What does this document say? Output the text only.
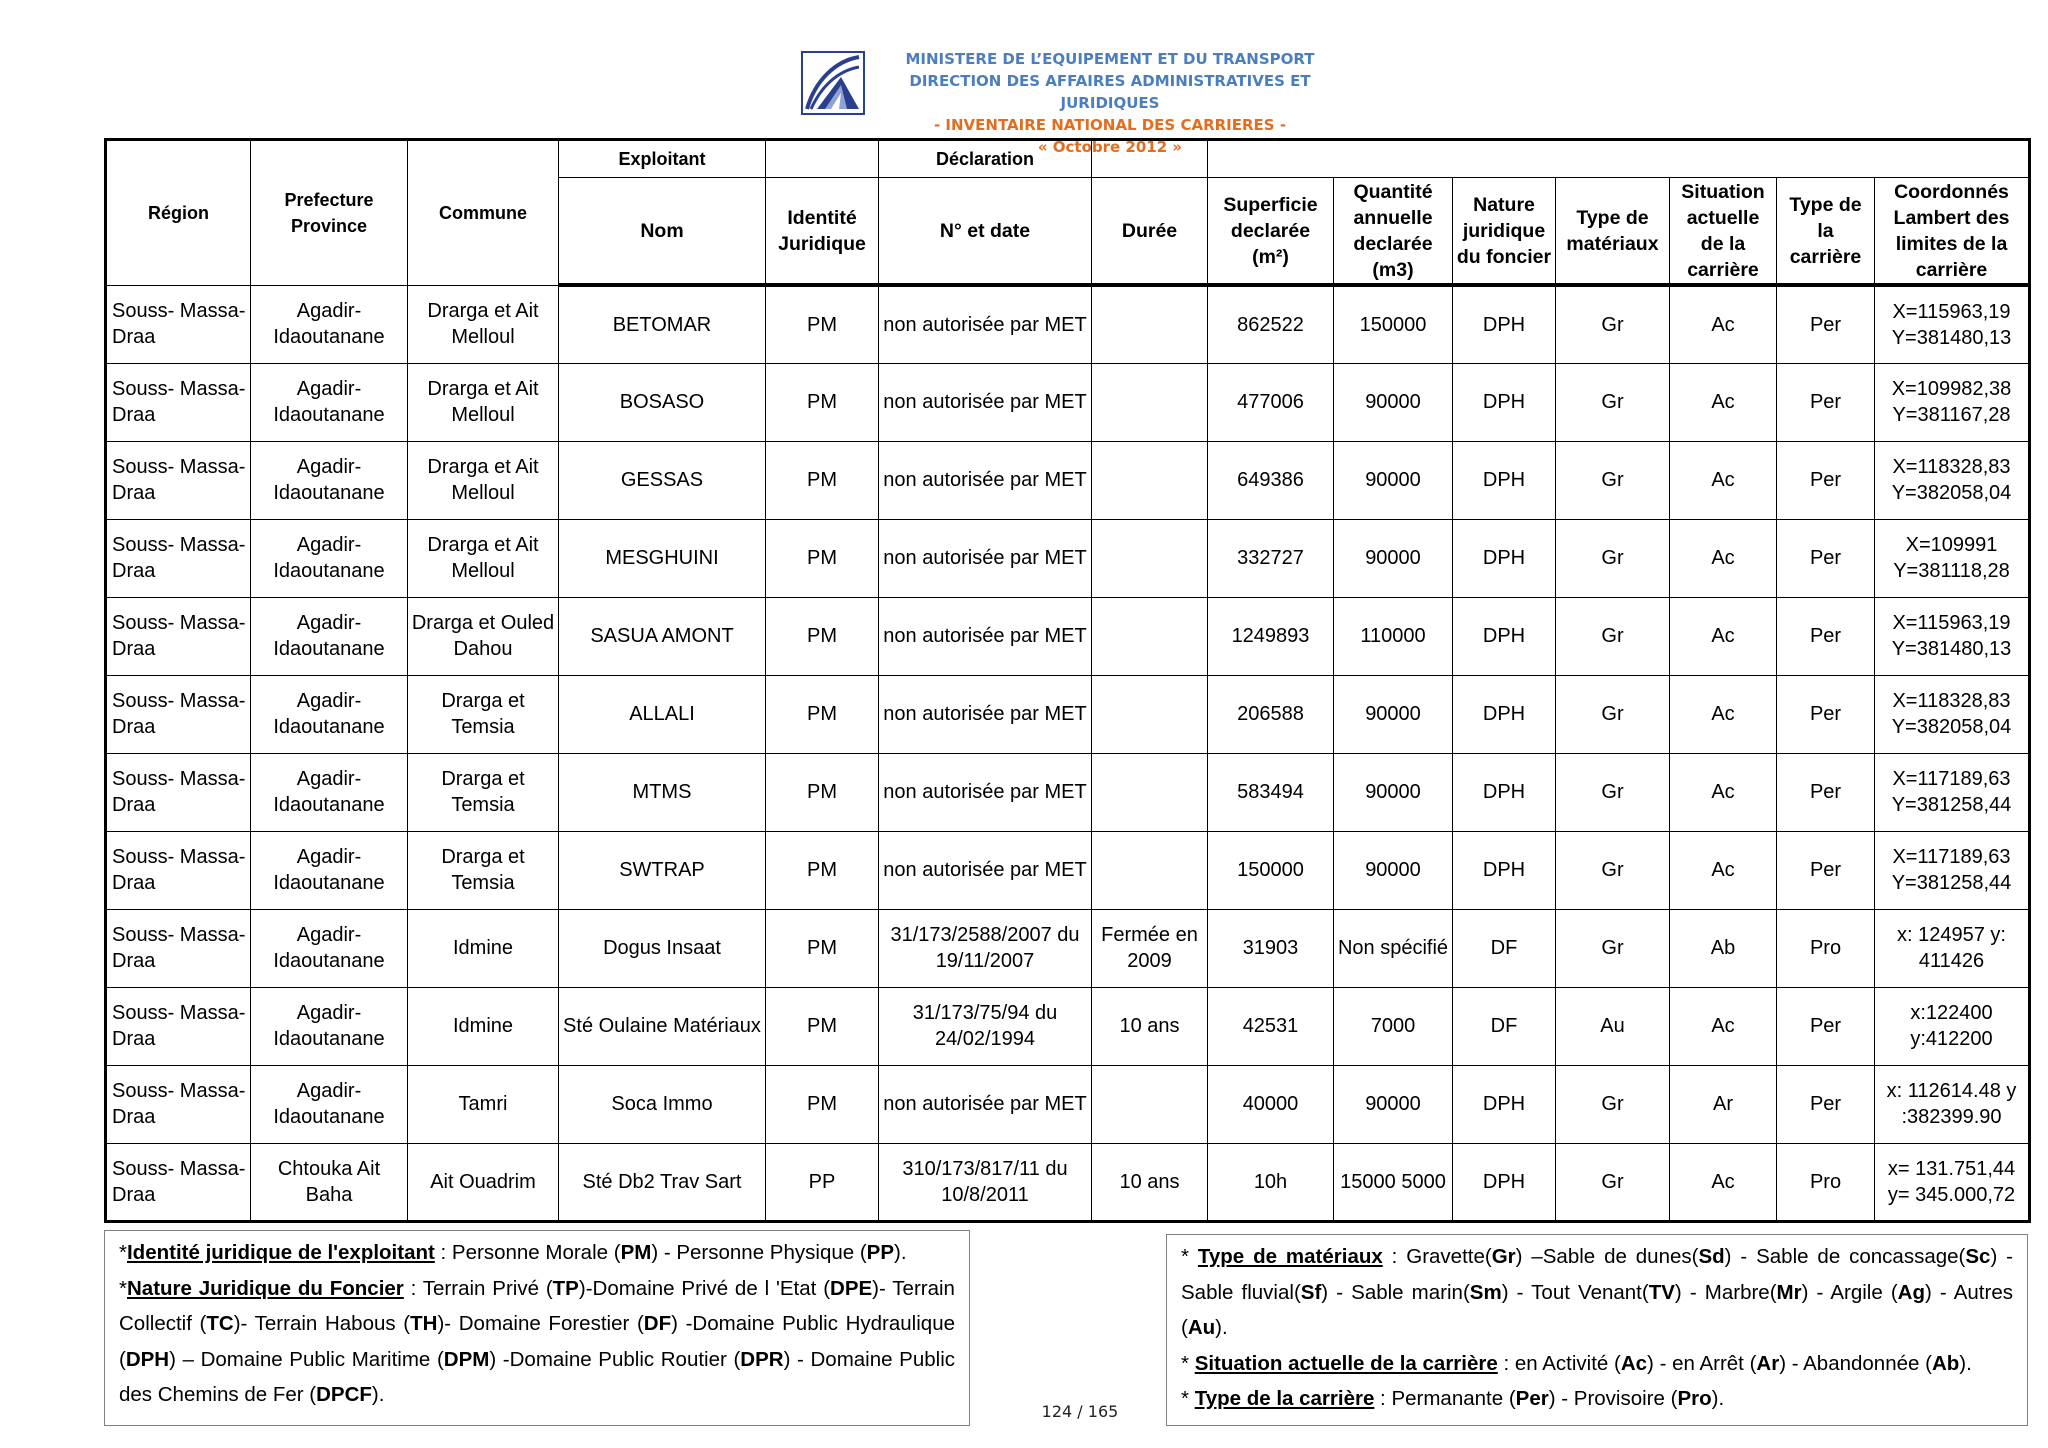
MINISTERE DE L’EQUIPEMENT ET DU TRANSPORT
DIRECTION DES AFFAIRES ADMINISTRATIVES ET JURIDIQUES
- INVENTAIRE NATIONAL DES CARRIERES -
« Octobre 2012 »
Région	Prefecture Province	Commune	Exploitant		Déclaration								
			Nom	Identité Juridique	N° et date	Durée	Superficie declarée (m²)	Quantité annuelle declarée (m3)	Nature juridique du foncier	Type de matériaux	Situation actuelle de la carrière	Type de la carrière	Coordonnés Lambert des limites de la carrière
Souss- Massa-Draa	Agadir-Idaoutanane	Drarga et Ait Melloul	BETOMAR	PM	non autorisée par MET		862522	150000	DPH	Gr	Ac	Per	X=115963,19 Y=381480,13
Souss- Massa-Draa	Agadir-Idaoutanane	Drarga et Ait Melloul	BOSASO	PM	non autorisée par MET		477006	90000	DPH	Gr	Ac	Per	X=109982,38 Y=381167,28
Souss- Massa-Draa	Agadir-Idaoutanane	Drarga et Ait Melloul	GESSAS	PM	non autorisée par MET		649386	90000	DPH	Gr	Ac	Per	X=118328,83 Y=382058,04
Souss- Massa-Draa	Agadir-Idaoutanane	Drarga et Ait Melloul	MESGHUINI	PM	non autorisée par MET		332727	90000	DPH	Gr	Ac	Per	X=109991 Y=381118,28
Souss- Massa-Draa	Agadir-Idaoutanane	Drarga et Ouled Dahou	SASUA AMONT	PM	non autorisée par MET		1249893	110000	DPH	Gr	Ac	Per	X=115963,19 Y=381480,13
Souss- Massa-Draa	Agadir-Idaoutanane	Drarga et Temsia	ALLALI	PM	non autorisée par MET		206588	90000	DPH	Gr	Ac	Per	X=118328,83 Y=382058,04
Souss- Massa-Draa	Agadir-Idaoutanane	Drarga et Temsia	MTMS	PM	non autorisée par MET		583494	90000	DPH	Gr	Ac	Per	X=117189,63 Y=381258,44
Souss- Massa-Draa	Agadir-Idaoutanane	Drarga et Temsia	SWTRAP	PM	non autorisée par MET		150000	90000	DPH	Gr	Ac	Per	X=117189,63 Y=381258,44
Souss- Massa-Draa	Agadir-Idaoutanane	Idmine	Dogus Insaat	PM	31/173/2588/2007 du 19/11/2007	Fermée en 2009	31903	Non spécifié	DF	Gr	Ab	Pro	x: 124957 y: 411426
Souss- Massa-Draa	Agadir-Idaoutanane	Idmine	Sté Oulaine Matériaux	PM	31/173/75/94 du 24/02/1994	10 ans	42531	7000	DF	Au	Ac	Per	x:122400 y:412200
Souss- Massa-Draa	Agadir-Idaoutanane	Tamri	Soca Immo	PM	non autorisée par MET		40000	90000	DPH	Gr	Ar	Per	x: 112614.48 y :382399.90
Souss- Massa-Draa	Chtouka Ait Baha	Ait Ouadrim	Sté Db2 Trav Sart	PP	310/173/817/11 du 10/8/2011	10 ans	10h	15000 5000	DPH	Gr	Ac	Pro	x= 131.751,44 y= 345.000,72

*Identité juridique de l'exploitant : Personne Morale (PM) - Personne Physique (PP).

*Nature Juridique du Foncier : Terrain Privé (TP)-Domaine Privé de l 'Etat (DPE)- Terrain Collectif (TC)- Terrain Habous (TH)- Domaine Forestier (DF) -Domaine Public Hydraulique (DPH) – Domaine Public Maritime (DPM) -Domaine Public Routier (DPR) - Domaine Public des Chemins de Fer (DPCF).

* Type de matériaux : Gravette(Gr) –Sable de dunes(Sd) - Sable de concassage(Sc) - Sable fluvial(Sf) - Sable marin(Sm) - Tout Venant(TV) - Marbre(Mr) - Argile (Ag) - Autres (Au).

* Situation actuelle de la carrière : en Activité (Ac) - en Arrêt (Ar) - Abandonnée (Ab).

* Type de la carrière : Permanante (Per) - Provisoire (Pro).

124 / 165
